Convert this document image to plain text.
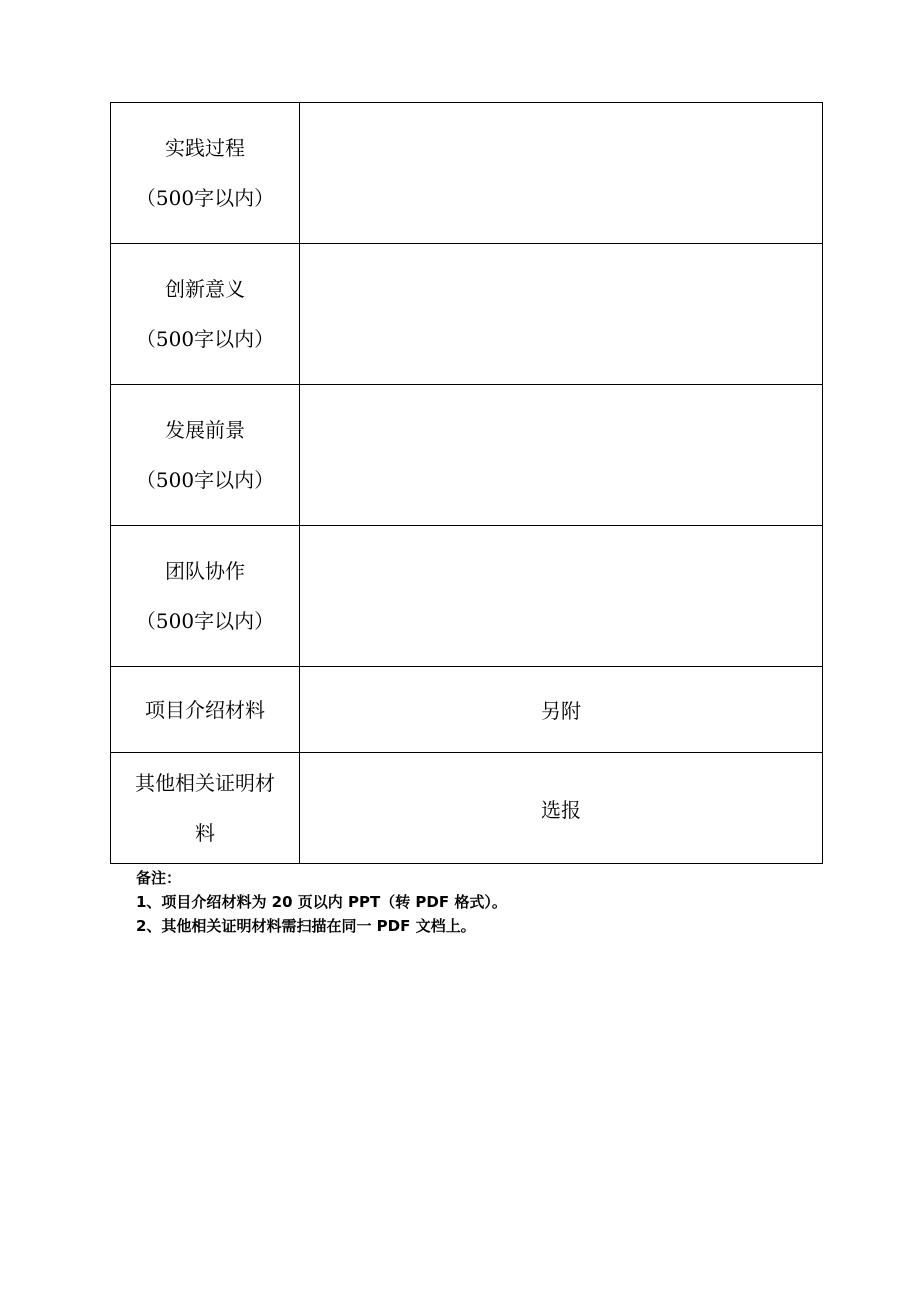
实践过程
（500字以内）	

创新意义
（500字以内）	

发展前景
（500字以内）	

团队协作
（500字以内）	

项目介绍材料	另附

其他相关证明材
料	选报
备注：
1、项目介绍材料为 20 页以内 PPT（转 PDF 格式）。
2、其他相关证明材料需扫描在同一 PDF 文档上。
